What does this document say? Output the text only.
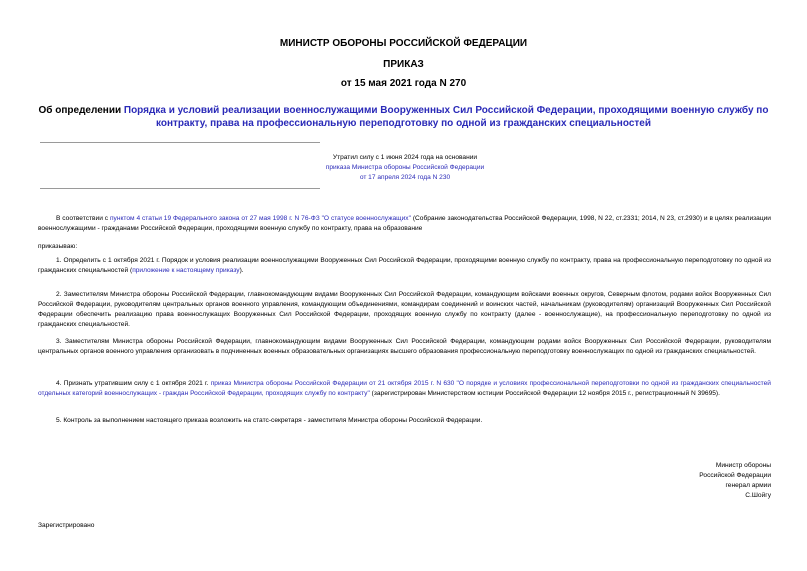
МИНИСТР ОБОРОНЫ РОССИЙСКОЙ ФЕДЕРАЦИИ

ПРИКАЗ

от 15 мая 2021 года N 270

Об определении Порядка и условий реализации военнослужащими Вооруженных Сил Российской Федерации, проходящими военную службу по контракту, права на профессиональную переподготовку по одной из гражданских специальностей

Утратил силу с 1 июня 2024 года на основании
приказа Министра обороны Российской Федерации
от 17 апреля 2024 года N 230

В соответствии с пунктом 4 статьи 19 Федерального закона от 27 мая 1998 г. N 76-ФЗ "О статусе военнослужащих" (Собрание законодательства Российской Федерации, 1998, N 22, ст.2331; 2014, N 23, ст.2930) и в целях реализации военнослужащими - гражданами Российской Федерации, проходящими военную службу по контракту, права на образование

приказываю:

1. Определить с 1 октября 2021 г. Порядок и условия реализации военнослужащими Вооруженных Сил Российской Федерации, проходящими военную службу по контракту, права на профессиональную переподготовку по одной из гражданских специальностей (приложение к настоящему приказу).

2. Заместителям Министра обороны Российской Федерации, главнокомандующим видами Вооруженных Сил Российской Федерации, командующим войсками военных округов, Северным флотом, родами войск Вооруженных Сил Российской Федерации, руководителям центральных органов военного управления, командующим объединениями, командирам соединений и воинских частей, начальникам (руководителям) организаций Вооруженных Сил Российской Федерации обеспечить реализацию права военнослужащих Вооруженных Сил Российской Федерации, проходящих военную службу по контракту (далее - военнослужащие), на профессиональную переподготовку по одной из гражданских специальностей.

3. Заместителям Министра обороны Российской Федерации, главнокомандующим видами Вооруженных Сил Российской Федерации, командующим родами войск Вооруженных Сил Российской Федерации, руководителям центральных органов военного управления организовать в подчиненных военных образовательных организациях высшего образования профессиональную переподготовку военнослужащих по одной из гражданских специальностей.

4. Признать утратившим силу с 1 октября 2021 г. приказ Министра обороны Российской Федерации от 21 октября 2015 г. N 630 "О порядке и условиях профессиональной переподготовки по одной из гражданских специальностей отдельных категорий военнослужащих - граждан Российской Федерации, проходящих службу по контракту" (зарегистрирован Министерством юстиции Российской Федерации 12 ноября 2015 г., регистрационный N 39695).

5. Контроль за выполнением настоящего приказа возложить на статс-секретаря - заместителя Министра обороны Российской Федерации.

Министр обороны
Российской Федерации
генерал армии
С.Шойгу
Зарегистрировано
